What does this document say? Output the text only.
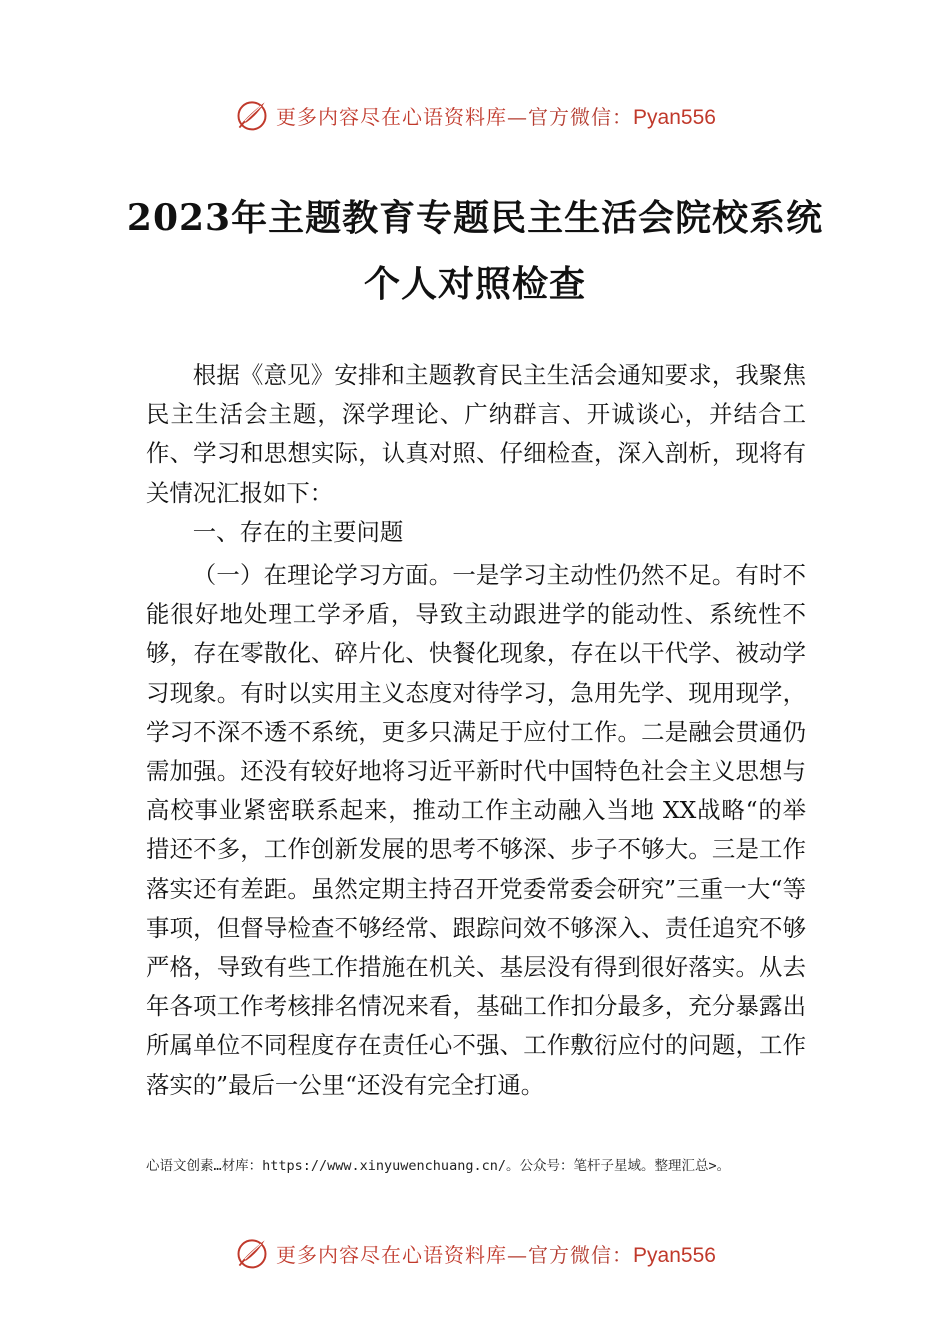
更多内容尽在心语资料库—官方微信：Pyan556
2023年主题教育专题民主生活会院校系统
个人对照检查

根据《意见》安排和主题教育民主生活会通知要求，我聚焦民主生活会主题，深学理论、广纳群言、开诚谈心，并结合工作、学习和思想实际，认真对照、仔细检查，深入剖析，现将有关情况汇报如下：

一、存在的主要问题

（一）在理论学习方面。一是学习主动性仍然不足。有时不能很好地处理工学矛盾，导致主动跟进学的能动性、系统性不够，存在零散化、碎片化、快餐化现象，存在以干代学、被动学习现象。有时以实用主义态度对待学习，急用先学、现用现学，学习不深不透不系统，更多只满足于应付工作。二是融会贯通仍需加强。还没有较好地将习近平新时代中国特色社会主义思想与高校事业紧密联系起来，推动工作主动融入当地 XX战略“的举措还不多，工作创新发展的思考不够深、步子不够大。三是工作落实还有差距。虽然定期主持召开党委常委会研究”三重一大“等事项，但督导检查不够经常、跟踪问效不够深入、责任追究不够严格，导致有些工作措施在机关、基层没有得到很好落实。从去年各项工作考核排名情况来看，基础工作扣分最多，充分暴露出所属单位不同程度存在责任心不强、工作敷衍应付的问题，工作落实的”最后一公里“还没有完全打通。

心语文创素…材库：https://www.xinyuwenchuang.cn/。公众号：笔杆子星域。整理汇总>。
更多内容尽在心语资料库—官方微信：Pyan556
